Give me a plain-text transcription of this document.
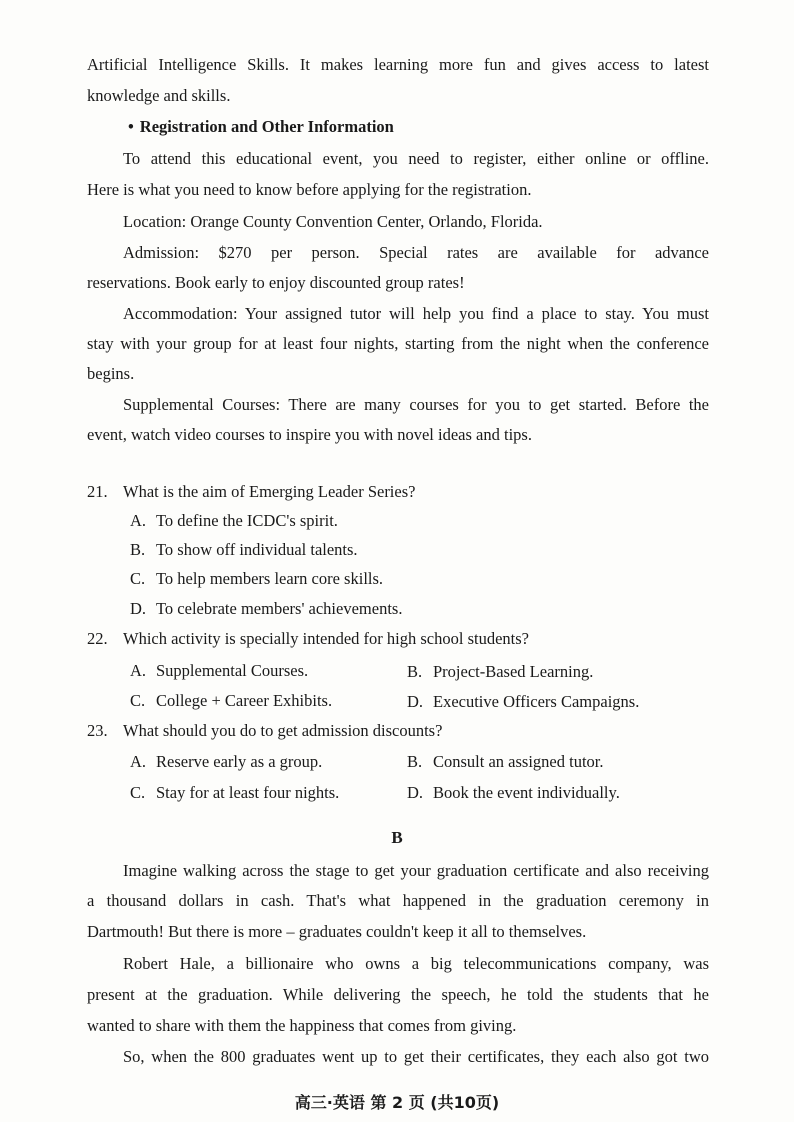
Artificial Intelligence Skills. It makes learning more fun and gives access to latest
knowledge and skills.
• Registration and Other Information
To attend this educational event, you need to register, either online or offline.
Here is what you need to know before applying for the registration.
Location: Orange County Convention Center, Orlando, Florida.
Admission: $270 per person. Special rates are available for advance
reservations. Book early to enjoy discounted group rates!
Accommodation: Your assigned tutor will help you find a place to stay. You must
stay with your group for at least four nights, starting from the night when the conference
begins.
Supplemental Courses: There are many courses for you to get started. Before the
event, watch video courses to inspire you with novel ideas and tips.
21. What is the aim of Emerging Leader Series?
A. To define the ICDC's spirit.
B. To show off individual talents.
C. To help members learn core skills.
D. To celebrate members' achievements.
22. Which activity is specially intended for high school students?
A. Supplemental Courses.	B. Project-Based Learning.
C. College + Career Exhibits.	D. Executive Officers Campaigns.
23. What should you do to get admission discounts?
A. Reserve early as a group.	B. Consult an assigned tutor.
C. Stay for at least four nights.	D. Book the event individually.
B
Imagine walking across the stage to get your graduation certificate and also receiving
a thousand dollars in cash. That's what happened in the graduation ceremony in
Dartmouth! But there is more – graduates couldn't keep it all to themselves.
Robert Hale, a billionaire who owns a big telecommunications company, was
present at the graduation. While delivering the speech, he told the students that he
wanted to share with them the happiness that comes from giving.
So, when the 800 graduates went up to get their certificates, they each also got two
高三·英语 第 2 页 (共10页)
